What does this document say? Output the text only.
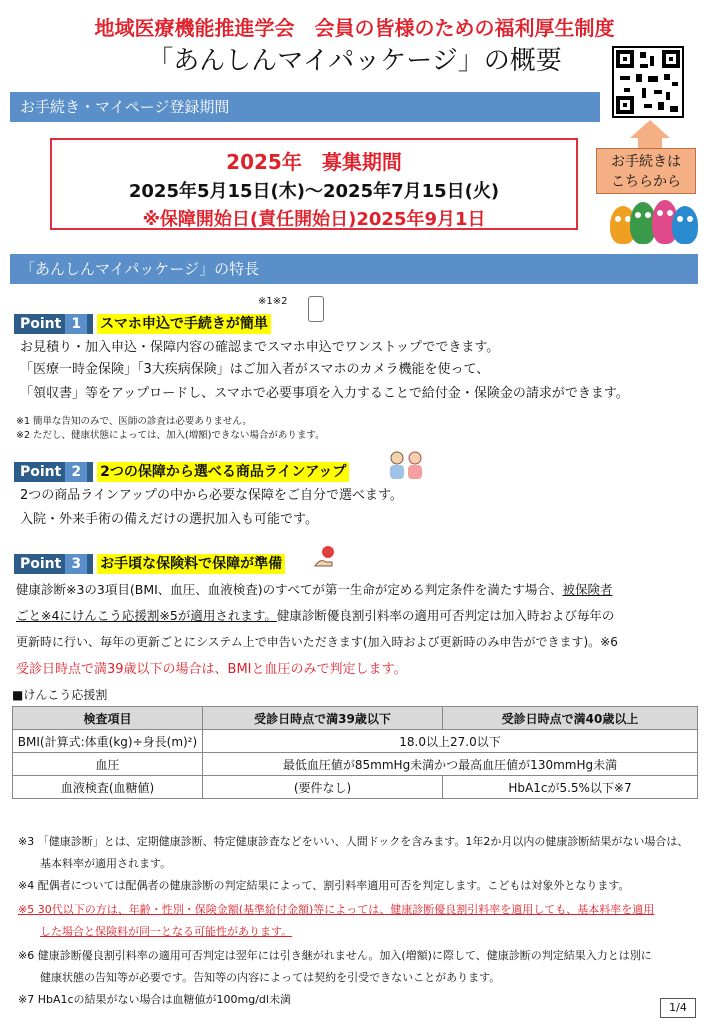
地域医療機能推進学会　会員の皆様のための福利厚生制度
「あんしんマイパッケージ」の概要
お手続きは
こちらから
お手続き・マイページ登録期間
2025年　募集期間
2025年5月15日(木)～2025年7月15日(火)
※保障開始日(責任開始日)2025年9月1日
「あんしんマイパッケージ」の特長
※1※2
Point 1	スマホ申込で手続きが簡単
お見積り・加入申込・保障内容の確認までスマホ申込でワンストップでできます。
「医療一時金保険」「3大疾病保険」はご加入者がスマホのカメラ機能を使って、
「領収書」等をアップロードし、スマホで必要事項を入力することで給付金・保険金の請求ができます。
※1 簡単な告知のみで、医師の診査は必要ありません。
※2 ただし、健康状態によっては、加入(増額)できない場合があります。
Point 2	2つの保障から選べる商品ラインアップ
2つの商品ラインアップの中から必要な保障をご自分で選べます。
入院・外来手術の備えだけの選択加入も可能です。
Point 3	お手頃な保険料で保障が準備
健康診断※3の3項目(BMI、血圧、血液検査)のすべてが第一生命が定める判定条件を満たす場合、被保険者
ごと※4にけんこう応援割※5が適用されます。健康診断優良割引料率の適用可否判定は加入時および毎年の
更新時に行い、毎年の更新ごとにシステム上で申告いただきます(加入時および更新時のみ申告ができます)。※6
受診日時点で満39歳以下の場合は、BMIと血圧のみで判定します。
■けんこう応援割
検査項目	受診日時点で満39歳以下	受診日時点で満40歳以上
BMI(計算式:体重(kg)÷身長(m)²)	18.0以上27.0以下	
血圧	最低血圧値が85mmHg未満かつ最高血圧値が130mmHg未満	
血液検査(血糖値)	(要件なし)	HbA1cが5.5%以下※7
※3 「健康診断」とは、定期健康診断、特定健康診査などをいい、人間ドックを含みます。1年2か月以内の健康診断結果がない場合は、
基本料率が適用されます。
※4 配偶者については配偶者の健康診断の判定結果によって、割引料率適用可否を判定します。こどもは対象外となります。
※5 30代以下の方は、年齢・性別・保険金額(基準給付金額)等によっては、健康診断優良割引料率を適用しても、基本料率を適用
した場合と保険料が同一となる可能性があります。
※6 健康診断優良割引料率の適用可否判定は翌年には引き継がれません。加入(増額)に際して、健康診断の判定結果入力とは別に
健康状態の告知等が必要です。告知等の内容によっては契約を引受できないことがあります。
※7 HbA1cの結果がない場合は血糖値が100mg/dl未満
1/4
